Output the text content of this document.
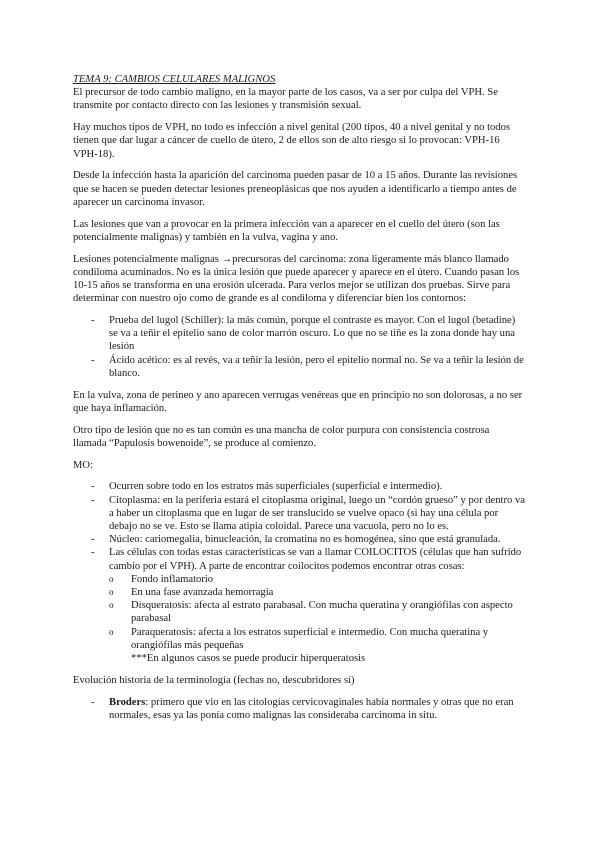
TEMA 9: CAMBIOS CELULARES MALIGNOS

El precursor de todo cambio maligno, en la mayor parte de los casos, va a ser por culpa del VPH. Se transmite por contacto directo con las lesiones y transmisión sexual.

Hay muchos tipos de VPH, no todo es infección a nivel genital (200 tipos, 40 a nivel genital y no todos tienen que dar lugar a cáncer de cuello de útero, 2 de ellos son de alto riesgo si lo provocan: VPH-16 VPH-18).

Desde la infección hasta la aparición del carcinoma pueden pasar de 10 a 15 años. Durante las revisiones que se hacen se pueden detectar lesiones preneoplásicas que nos ayuden a identificarlo a tiempo antes de aparecer un carcinoma invasor.

Las lesiones que van a provocar en la primera infección van a aparecer en el cuello del útero (son las potencialmente malignas) y también en la vulva, vagina y ano.

Lesiones potencialmente malignas →precursoras del carcinoma: zona ligeramente más blanco llamado condiloma acuminados. No es la única lesión que puede aparecer y aparece en el útero. Cuando pasan los 10-15 años se transforma en una erosión ulcerada. Para verlos mejor se utilizan dos pruebas. Sirve para determinar con nuestro ojo como de grande es al condiloma y diferenciar bien los contornos:

- Prueba del lugol (Schiller): la más común, porque el contraste es mayor. Con el lugol (betadine) se va a teñir el epitelio sano de color marrón oscuro. Lo que no se tiñe es la zona donde hay una lesión
- Ácido acético: es al revés, va a teñir la lesión, pero el epitelio normal no. Se va a teñir la lesión de blanco.

En la vulva, zona de perineo y ano aparecen verrugas venéreas que en principio no son dolorosas, a no ser que haya inflamación.

Otro tipo de lesión que no es tan común es una mancha de color purpura con consistencia costrosa llamada “Papulosis bowenoide”, se produce al comienzo.

MO:

- Ocurren sobre todo en los estratos más superficiales (superficial e intermedio).
- Citoplasma: en la periferia estará el citoplasma original, luego un “cordón grueso” y por dentro va a haber un citoplasma que en lugar de ser translucido se vuelve opaco (si hay una célula por debajo no se ve. Esto se llama atipia coloidal. Parece una vacuola, pero no lo es.
- Núcleo: cariomegalia, binucleación, la cromatina no es homogénea, sino que está granulada.
- Las células con todas estas características se van a llamar COILOCITOS (células que han sufrido cambio por el VPH). A parte de encontrar coilocitos podemos encontrar otras cosas:
o Fondo inflamatorio
o En una fase avanzada hemorragia
o Disqueratosis: afecta al estrato parabasal. Con mucha queratina y orangiófilas con aspecto parabasal
o Paraqueratosis: afecta a los estratos superficial e intermedio. Con mucha queratina y orangiófilas más pequeñas
***En algunos casos se puede producir hiperqueratosis

Evolución historia de la terminología (fechas no, descubridores sí)

- Broders: primero que vio en las citologías cervicovaginales había normales y otras que no eran normales, esas ya las ponía como malignas las consideraba carcinoma in situ.
